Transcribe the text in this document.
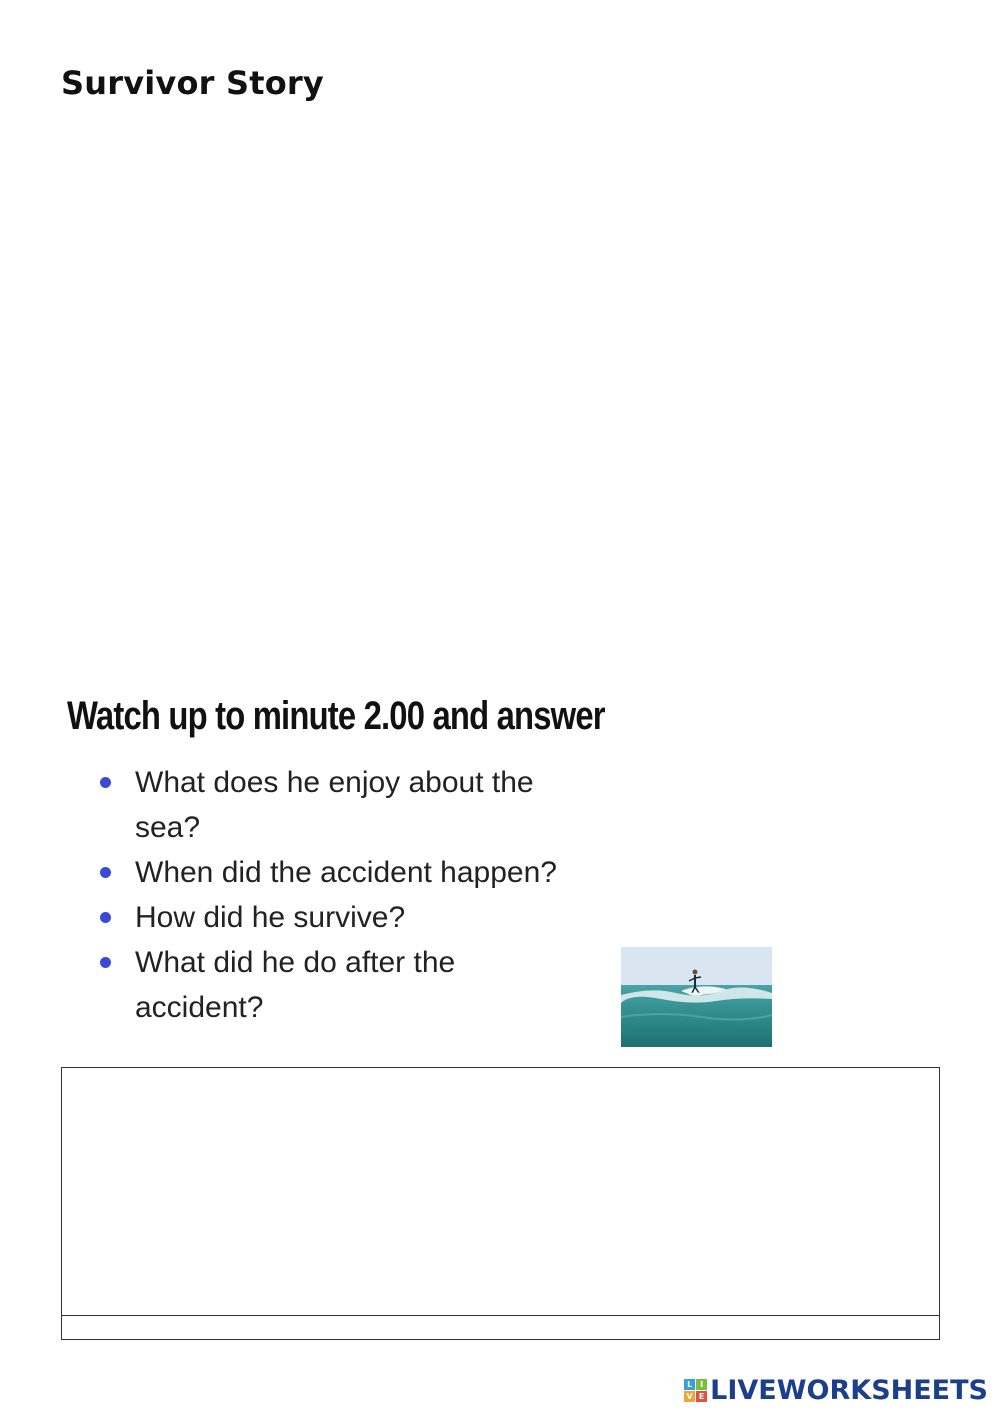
Survivor Story
Watch up to minute 2.00 and answer
What does he enjoy about the sea?
When did the accident happen?
How did he survive?
What did he do after the accident?
L I
V E LIVEWORKSHEETS
